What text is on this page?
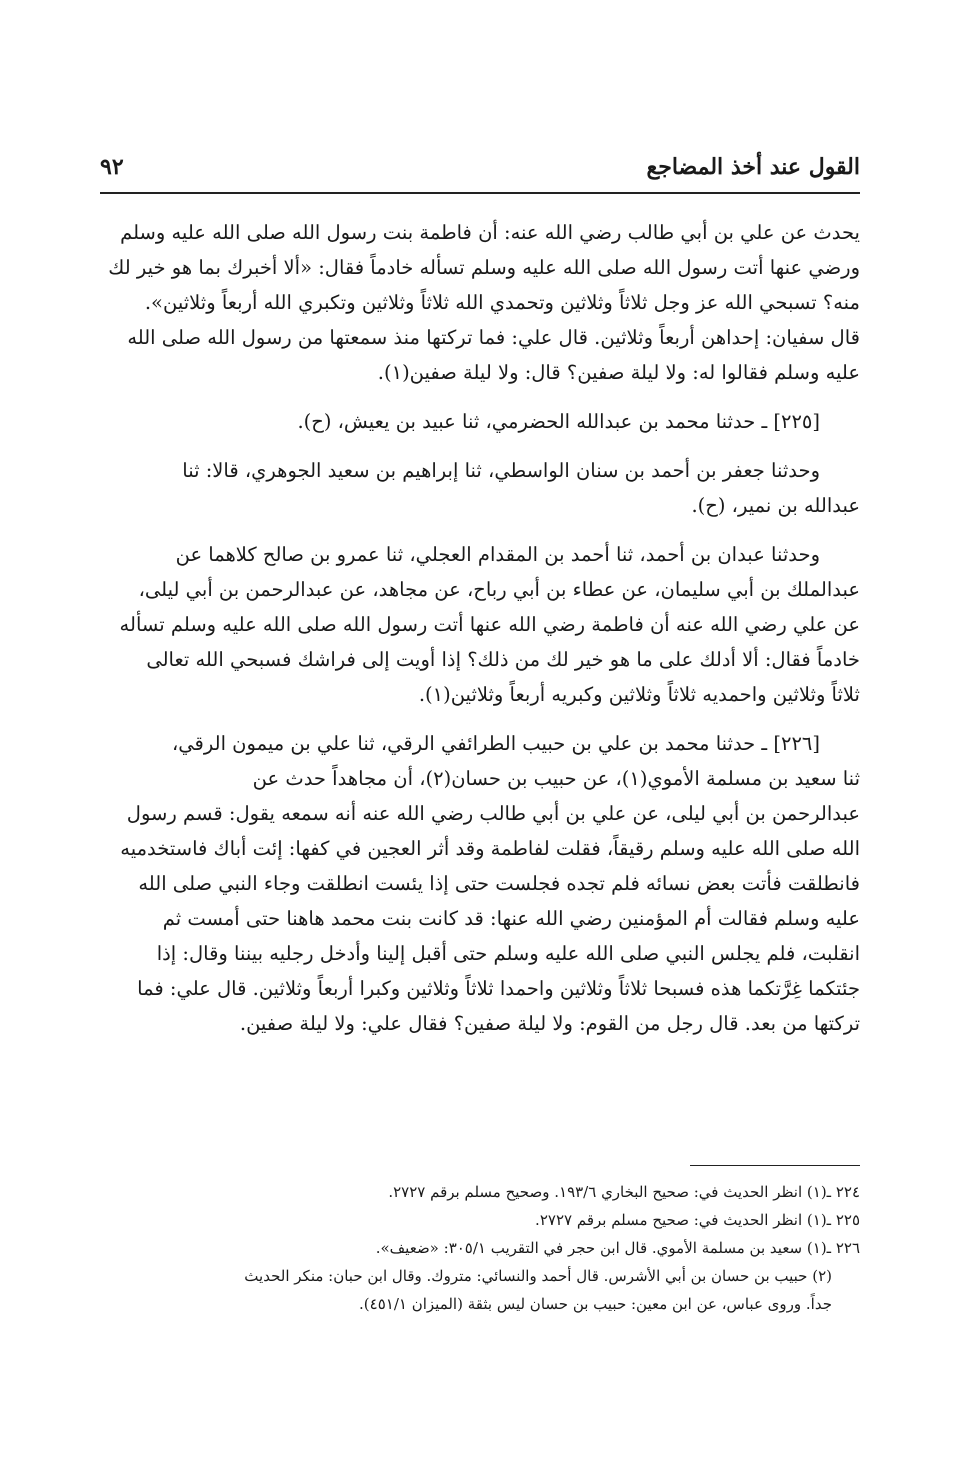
القول عند أخذ المضاجع
٩٢

يحدث عن علي بن أبي طالب رضي الله عنه: أن فاطمة بنت رسول الله صلى الله عليه وسلم

ورضي عنها أتت رسول الله صلى الله عليه وسلم تسأله خادماً فقال: «ألا أخبرك بما هو خير لك

منه؟ تسبحي الله عز وجل ثلاثاً وثلاثين وتحمدي الله ثلاثاً وثلاثين وتكبري الله أربعاً وثلاثين».

قال سفيان: إحداهن أربعاً وثلاثين. قال علي: فما تركتها منذ سمعتها من رسول الله صلى الله

عليه وسلم فقالوا له: ولا ليلة صفين؟ قال: ولا ليلة صفين(١).

[٢٢٥] ـ حدثنا محمد بن عبدالله الحضرمي، ثنا عبيد بن يعيش، (ح).

وحدثنا جعفر بن أحمد بن سنان الواسطي، ثنا إبراهيم بن سعيد الجوهري، قالا: ثنا

عبدالله بن نمير، (ح).

وحدثنا عبدان بن أحمد، ثنا أحمد بن المقدام العجلي، ثنا عمرو بن صالح كلاهما عن

عبدالملك بن أبي سليمان، عن عطاء بن أبي رباح، عن مجاهد، عن عبدالرحمن بن أبي ليلى،

عن علي رضي الله عنه أن فاطمة رضي الله عنها أتت رسول الله صلى الله عليه وسلم تسأله

خادماً فقال: ألا أدلك على ما هو خير لك من ذلك؟ إذا أويت إلى فراشك فسبحي الله تعالى

ثلاثاً وثلاثين واحمديه ثلاثاً وثلاثين وكبريه أربعاً وثلاثين(١).

[٢٢٦] ـ حدثنا محمد بن علي بن حبيب الطرائفي الرقي، ثنا علي بن ميمون الرقي،

ثنا سعيد بن مسلمة الأموي(١)، عن حبيب بن حسان(٢)، أن مجاهداً حدث عن

عبدالرحمن بن أبي ليلى، عن علي بن أبي طالب رضي الله عنه أنه سمعه يقول: قسم رسول

الله صلى الله عليه وسلم رقيقاً، فقلت لفاطمة وقد أثر العجين في كفها: إئت أباك فاستخدميه

فانطلقت فأتت بعض نسائه فلم تجده فجلست حتى إذا يئست انطلقت وجاء النبي صلى الله

عليه وسلم فقالت أم المؤمنين رضي الله عنها: قد كانت بنت محمد هاهنا حتى أمست ثم

انقلبت، فلم يجلس النبي صلى الله عليه وسلم حتى أقبل إلينا وأدخل رجليه بيننا وقال: إذا

جئتكما غِرَّتكما هذه فسبحا ثلاثاً وثلاثين واحمدا ثلاثاً وثلاثين وكبرا أربعاً وثلاثين. قال علي: فما

تركتها من بعد. قال رجل من القوم: ولا ليلة صفين؟ فقال علي: ولا ليلة صفين.

٢٢٤ ـ(١) انظر الحديث في: صحيح البخاري ١٩٣/٦. وصحيح مسلم برقم ٢٧٢٧.

٢٢٥ ـ(١) انظر الحديث في: صحيح مسلم برقم ٢٧٢٧.

٢٢٦ ـ(١) سعيد بن مسلمة الأموي. قال ابن حجر في التقريب ٣٠٥/١: «ضعيف».

(٢) حبيب بن حسان بن أبي الأشرس. قال أحمد والنسائي: متروك. وقال ابن حبان: منكر الحديث

جداً. وروى عباس، عن ابن معين: حبيب بن حسان ليس بثقة (الميزان ٤٥١/١).
